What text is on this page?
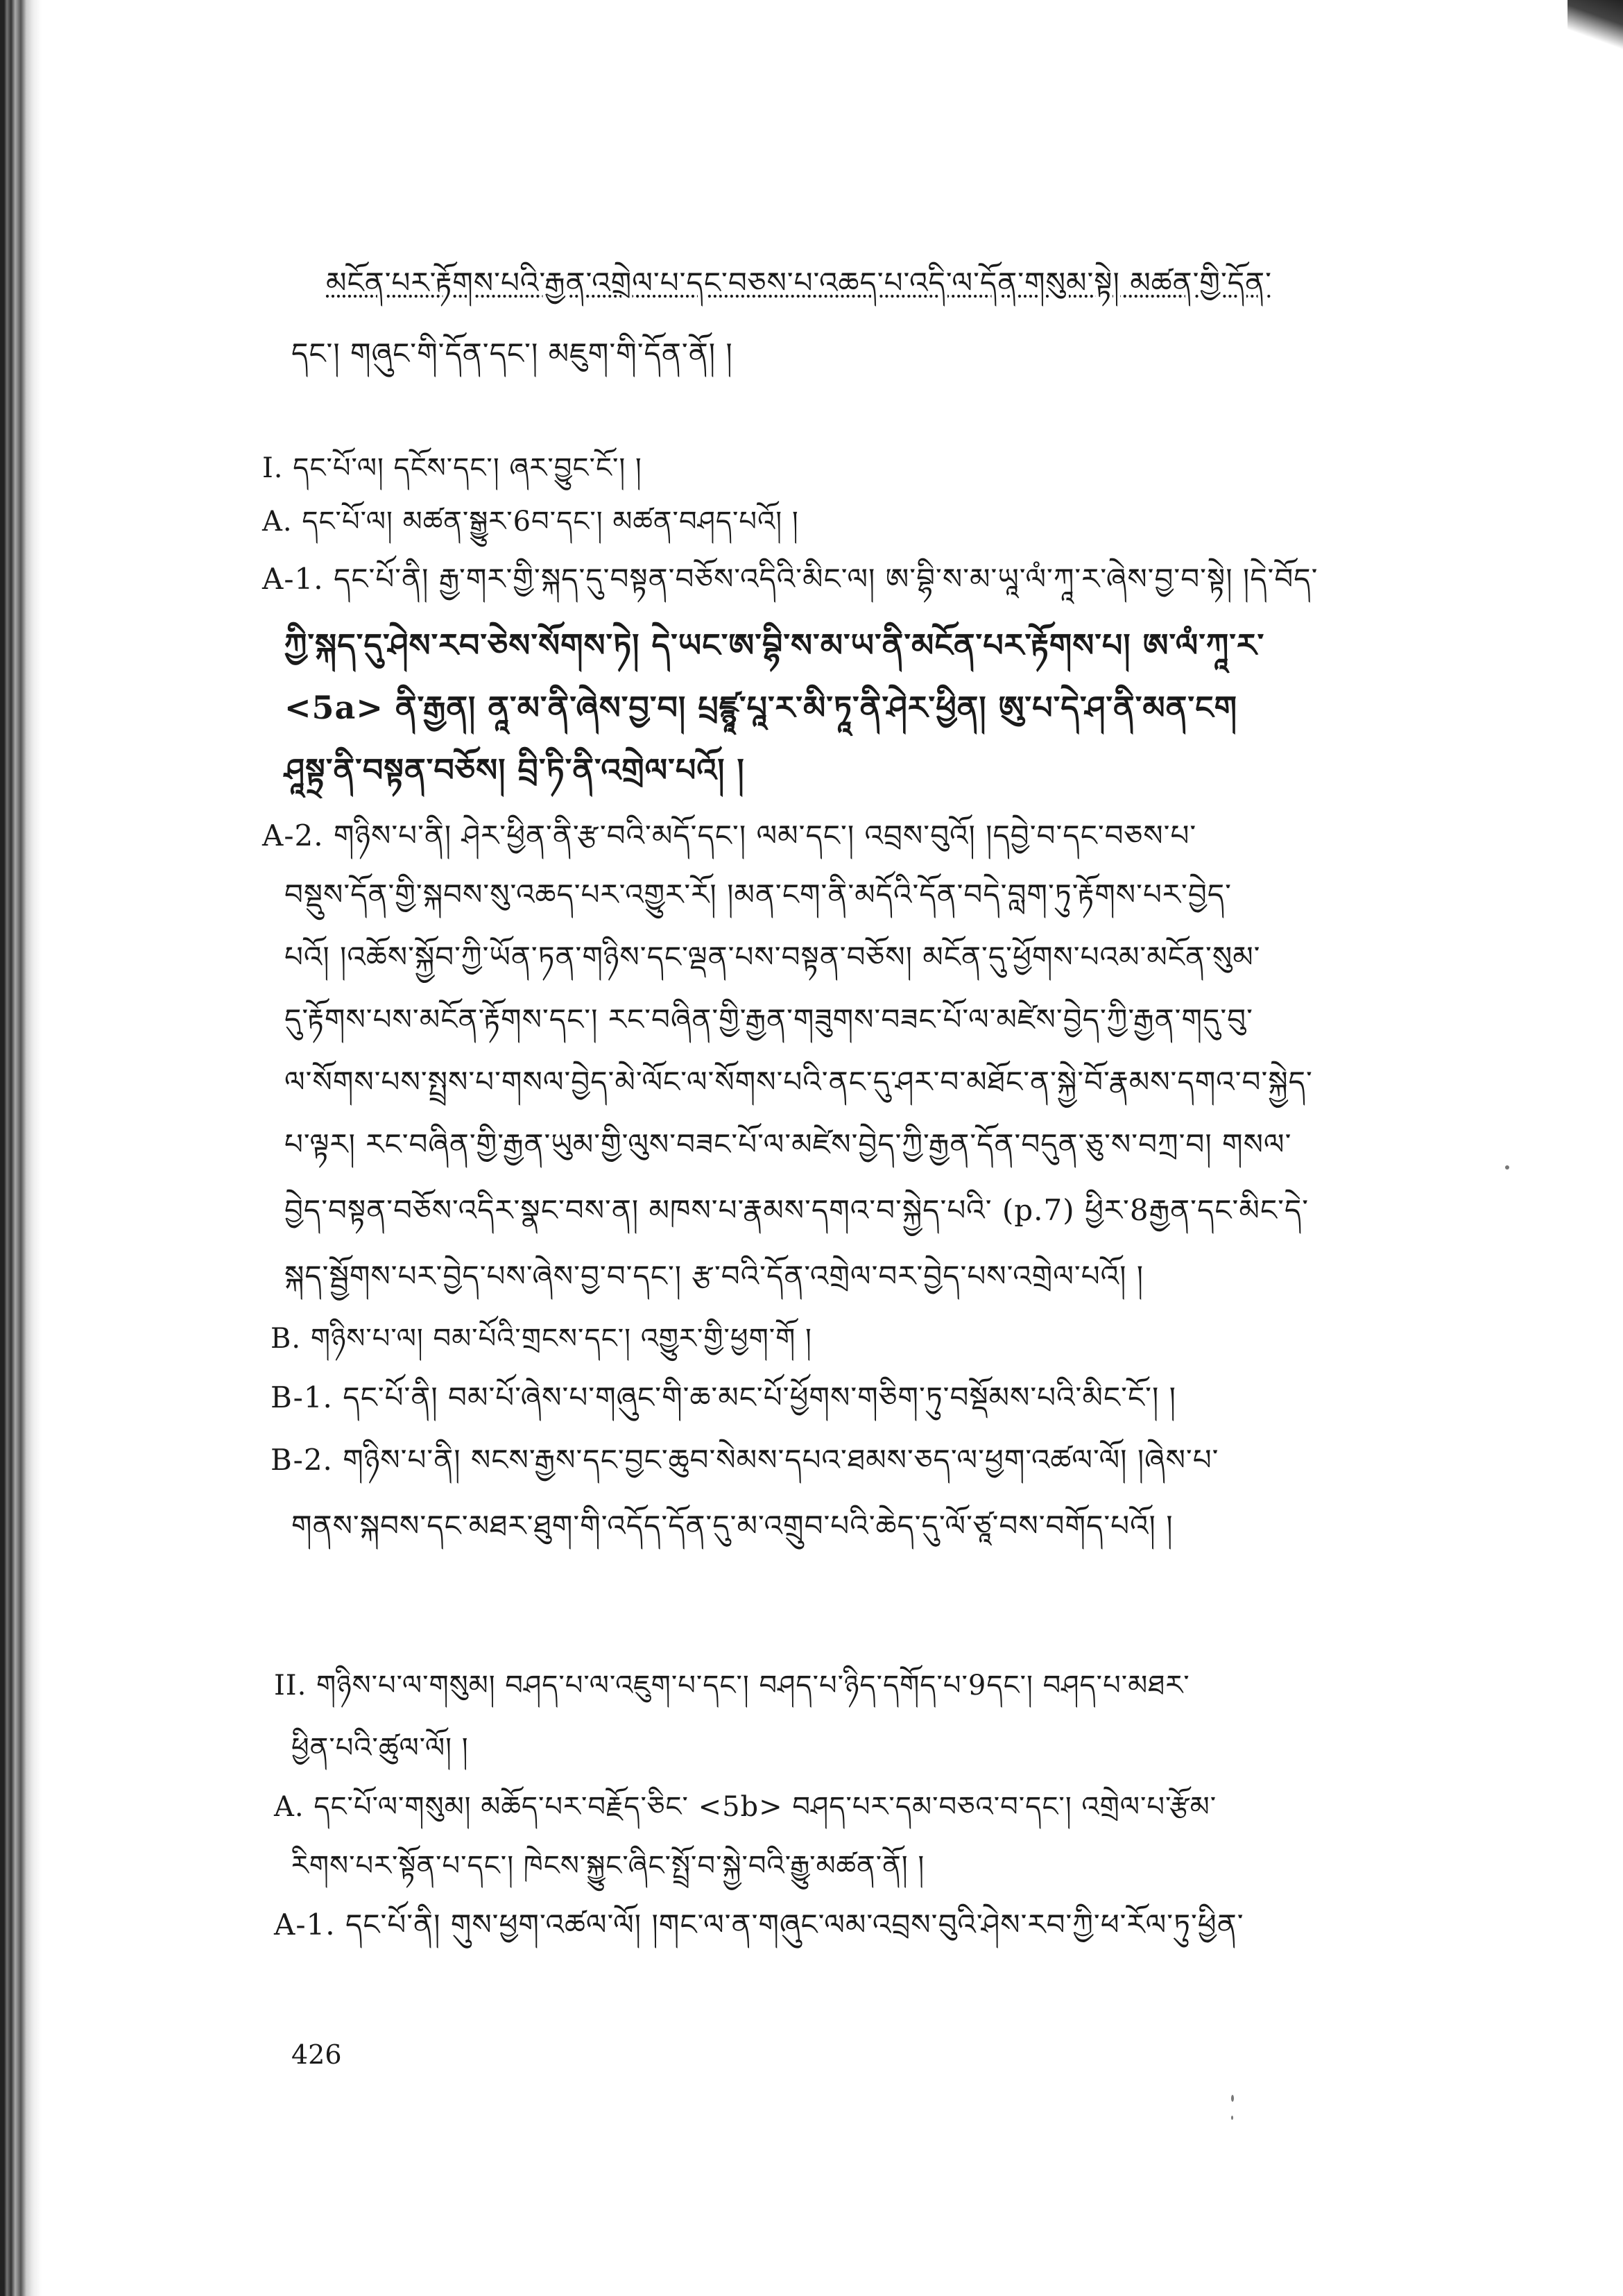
མངོན་པར་རྟོགས་པའི་རྒྱན་འགྲེལ་པ་དང་བཅས་པ་འཆད་པ་འདི་ལ་དོན་གསུམ་སྟེ། མཚན་གྱི་དོན་
དང་། གཞུང་གི་དོན་དང་། མཇུག་གི་དོན་ནོ། །
I. དང་པོ་ལ། དངོས་དང་། ཞར་བྱུང་ངོ་། །
A. དང་པོ་ལ། མཚན་སྒྱུར་6བ་དང་། མཚན་བཤད་པའོ། །
A-1. དང་པོ་ནི། རྒྱ་གར་གྱི་སྐད་དུ་བསྟན་བཅོས་འདིའི་མིང་ལ། ཨ་བྷི་ས་མ་ཡཱ་ལཾ་ཀཱ་ར་ཞེས་བྱ་བ་སྟེ། །དེ་བོད་
ཀྱི་སྐད་དུ་ཤེས་རབ་ཅེས་སོགས་ཏེ། དེ་ཡང་ཨ་བྷི་ས་མ་ཡ་ནི་མངོན་པར་རྟོགས་པ། ཨ་ལཾ་ཀཱ་ར་
<5a> ནི་རྒྱན། ནཱ་མ་ནི་ཞེས་བྱ་བ། པྲཛྙཱ་པཱ་ར་མི་ཏཱ་ནི་ཤེར་ཕྱིན། ཨུ་པ་དེ་ཤ་ནི་མན་ངག
ཤཱསྟྲ་ནི་བསྟན་བཅོས། བྲི་ཏི་ནི་འགྲེལ་པའོ། །
A-2. གཉིས་པ་ནི། ཤེར་ཕྱིན་ནི་རྩ་བའི་མདོ་དང་། ལམ་དང་། འབྲས་བུའོ། །དབྱེ་བ་དང་བཅས་པ་
བསྡུས་དོན་གྱི་སྐབས་སུ་འཆད་པར་འགྱུར་རོ། །མན་ངག་ནི་མདོའི་དོན་བདེ་བླག་ཏུ་རྟོགས་པར་བྱེད་
པའོ། །འཆོས་སྐྱོབ་ཀྱི་ཡོན་ཏན་གཉིས་དང་ལྡན་པས་བསྟན་བཅོས། མངོན་དུ་ཕྱོགས་པའམ་མངོན་སུམ་
དུ་རྟོགས་པས་མངོན་རྟོགས་དང་། རང་བཞིན་གྱི་རྒྱན་གཟུགས་བཟང་པོ་ལ་མཛེས་བྱེད་ཀྱི་རྒྱན་གདུ་བུ་
ལ་སོགས་པས་སྤྲས་པ་གསལ་བྱེད་མེ་ལོང་ལ་སོགས་པའི་ནང་དུ་ཤར་བ་མཐོང་ན་སྐྱེ་བོ་རྣམས་དགའ་བ་སྐྱེད་
པ་ལྟར། རང་བཞིན་གྱི་རྒྱན་ཡུམ་གྱི་ལུས་བཟང་པོ་ལ་མཛེས་བྱེད་ཀྱི་རྒྱན་དོན་བདུན་ཅུ་ས་བཀྲ་བ། གསལ་
བྱེད་བསྟན་བཅོས་འདིར་སྣང་བས་ན། མཁས་པ་རྣམས་དགའ་བ་སྐྱེད་པའི་ (p.7) ཕྱིར་8རྒྱན་དང་མིང་དེ་
སྐད་སྦྱོགས་པར་བྱེད་པས་ཞེས་བྱ་བ་དང་། རྩ་བའི་དོན་འགྲེལ་བར་བྱེད་པས་འགྲེལ་པའོ། །
B. གཉིས་པ་ལ། བམ་པོའི་གྲངས་དང་། འགྱུར་གྱི་ཕྱག་གོ །
B-1. དང་པོ་ནི། བམ་པོ་ཞེས་པ་གཞུང་གི་ཆ་མང་པོ་ཕྱོགས་གཅིག་ཏུ་བསྡོམས་པའི་མིང་ངོ་། །
B-2. གཉིས་པ་ནི། སངས་རྒྱས་དང་བྱང་ཆུབ་སེམས་དཔའ་ཐམས་ཅད་ལ་ཕྱག་འཚལ་ལོ། །ཞེས་པ་
གནས་སྐབས་དང་མཐར་ཐུག་གི་འདོད་དོན་དུ་མ་འགྲུབ་པའི་ཆེད་དུ་ལོ་ཙཱ་བས་བགོད་པའོ། །
II. གཉིས་པ་ལ་གསུམ། བཤད་པ་ལ་འཇུག་པ་དང་། བཤད་པ་ཉིད་དགོད་པ་9དང་། བཤད་པ་མཐར་
ཕྱིན་པའི་ཚུལ་ལོ། །
A. དང་པོ་ལ་གསུམ། མཆོད་པར་བརྗོད་ཅིང་ <5b> བཤད་པར་དམ་བཅའ་བ་དང་། འགྲེལ་པ་རྩོམ་
རིགས་པར་སྟོན་པ་དང་། ཁེངས་སྐྱུང་ཞིང་སྤྲོ་བ་སྐྱེ་བའི་རྒྱུ་མཚན་ནོ། །
A-1. དང་པོ་ནི། གུས་ཕྱག་འཚལ་ལོ། །གང་ལ་ན་གཞུང་ལམ་འབྲས་བུའི་ཤེས་རབ་ཀྱི་ཕ་རོལ་ཏུ་ཕྱིན་
426
